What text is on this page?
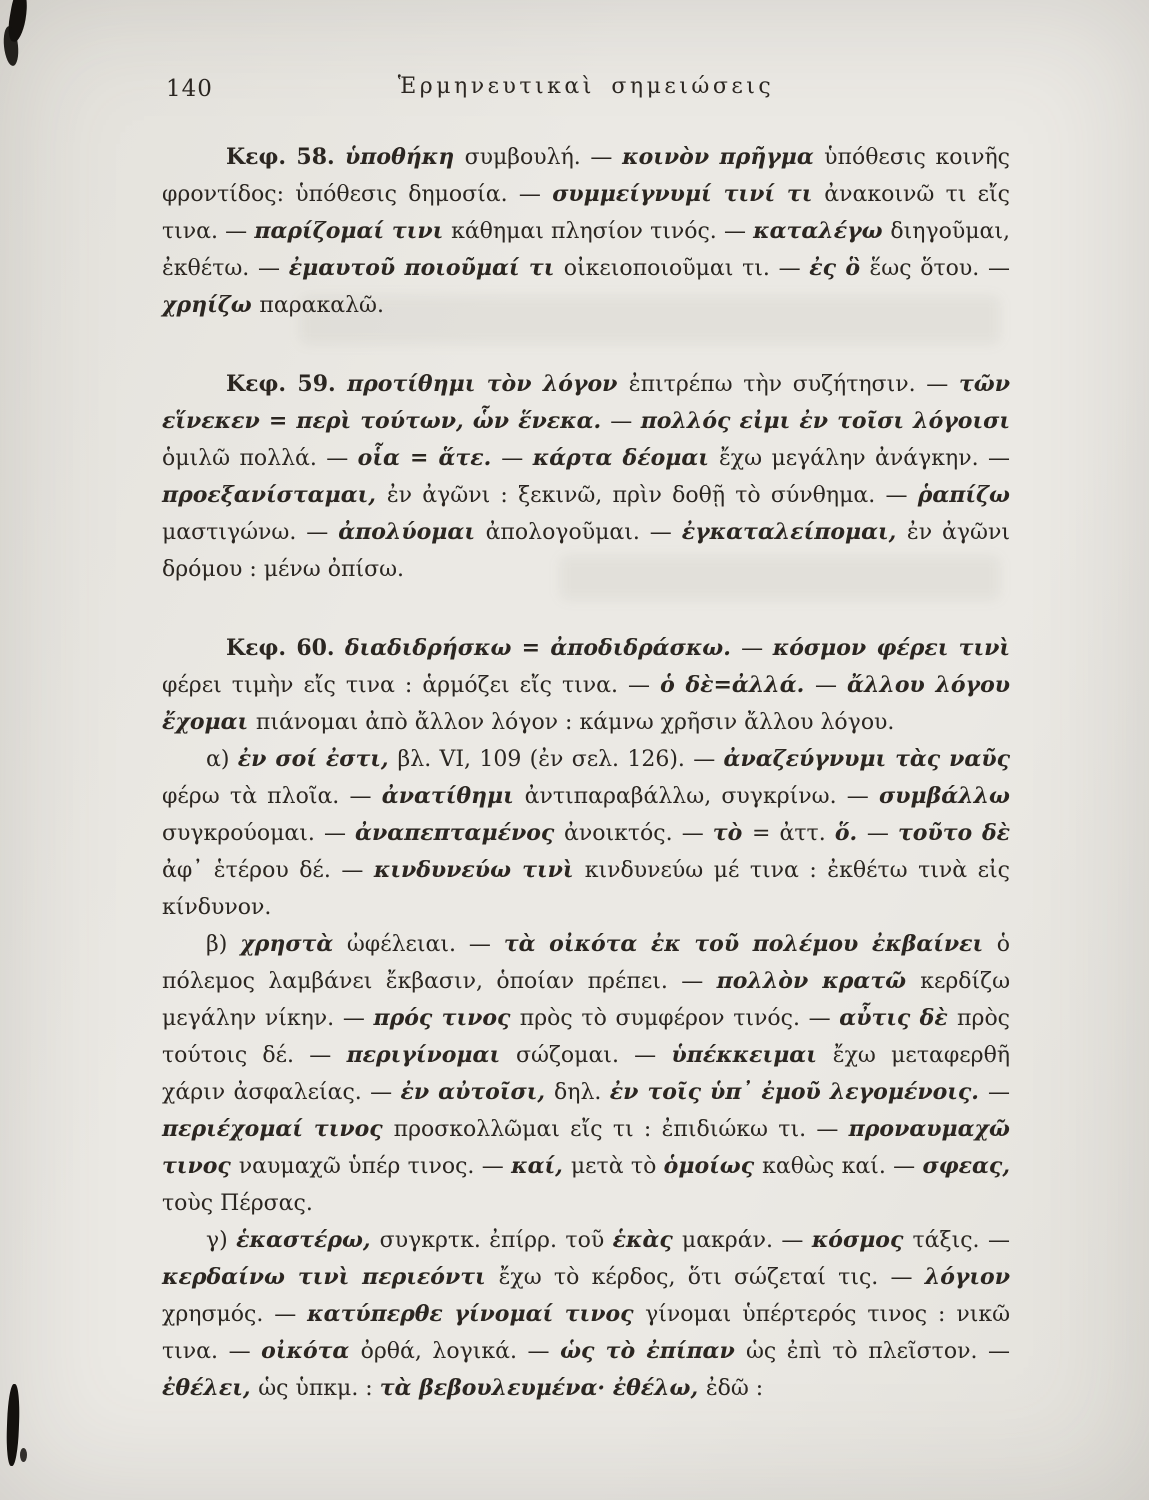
140	Ἑρμηνευτικαὶ σημειώσεις

Κεφ. 58. ὑποθήκη συμβουλή. — κοινὸν πρῆγμα ὑπόθεσις κοινῆς φροντίδος: ὑπόθεσις δημοσία. — συμμείγνυμί τινί τι ἀνακοινῶ τι εἴς τινα. — παρίζομαί τινι κάθημαι πλησίον τινός. — καταλέγω διηγοῦμαι, ἐκθέτω. — ἐμαυτοῦ ποιοῦμαί τι οἰκειοποιοῦμαι τι. — ἐς ὃ ἕως ὅτου. — χρηίζω παρακαλῶ.

Κεφ. 59. προτίθημι τὸν λόγον ἐπιτρέπω τὴν συζήτησιν. — τῶν εἵνεκεν = περὶ τούτων, ὧν ἕνεκα. — πολλός εἰμι ἐν τοῖσι λόγοισι ὁμιλῶ πολλά. — οἷα = ἅτε. — κάρτα δέομαι ἔχω μεγάλην ἀνάγκην. — προεξανίσταμαι, ἐν ἀγῶνι : ξεκινῶ, πρὶν δοθῇ τὸ σύνθημα. — ῥαπίζω μαστιγώνω. — ἀπολύομαι ἀπολογοῦμαι. — ἐγκαταλείπομαι, ἐν ἀγῶνι δρόμου : μένω ὀπίσω.

Κεφ. 60. διαδιδρήσκω = ἀποδιδράσκω. — κόσμον φέρει τινὶ φέρει τιμὴν εἴς τινα : ἁρμόζει εἴς τινα. — ὁ δὲ=ἀλλά. — ἄλλου λόγου ἔχομαι πιάνομαι ἀπὸ ἄλλον λόγον : κάμνω χρῆσιν ἄλλου λόγου.

α) ἐν σοί ἐστι, βλ. VI, 109 (ἐν σελ. 126). — ἀναζεύγνυμι τὰς ναῦς φέρω τὰ πλοῖα. — ἀνατίθημι ἀντιπαραβάλλω, συγκρίνω. — συμβάλλω συγκρούομαι. — ἀναπεπταμένος ἀνοικτός. — τὸ = ἀττ. ὅ. — τοῦτο δὲ ἀφ᾽ ἑτέρου δέ. — κινδυνεύω τινὶ κινδυνεύω μέ τινα : ἐκθέτω τινὰ εἰς κίνδυνον.

β) χρηστὰ ὠφέλειαι. — τὰ οἰκότα ἐκ τοῦ πολέμου ἐκβαίνει ὁ πόλεμος λαμβάνει ἔκβασιν, ὁποίαν πρέπει. — πολλὸν κρατῶ κερδίζω μεγάλην νίκην. — πρός τινος πρὸς τὸ συμφέρον τινός. — αὖτις δὲ πρὸς τούτοις δέ. — περιγίνομαι σώζομαι. — ὑπέκκειμαι ἔχω μεταφερθῆ χάριν ἀσφαλείας. — ἐν αὐτοῖσι, δηλ. ἐν τοῖς ὑπ᾽ ἐμοῦ λεγομένοις. — περιέχομαί τινος προσκολλῶμαι εἴς τι : ἐπιδιώκω τι. — προναυμαχῶ τινος ναυμαχῶ ὑπέρ τινος. — καί, μετὰ τὸ ὁμοίως καθὼς καί. — σφεας, τοὺς Πέρσας.

γ) ἑκαστέρω, συγκρτκ. ἐπίρρ. τοῦ ἑκὰς μακράν. — κόσμος τάξις. — κερδαίνω τινὶ περιεόντι ἔχω τὸ κέρδος, ὅτι σώζεταί τις. — λόγιον χρησμός. — κατύπερθε γίνομαί τινος γίνομαι ὑπέρτερός τινος : νικῶ τινα. — οἰκότα ὀρθά, λογικά. — ὡς τὸ ἐπίπαν ὡς ἐπὶ τὸ πλεῖστον. — ἐθέλει, ὡς ὑπκμ. : τὰ βεβουλευμένα· ἐθέλω, ἐδῶ :
